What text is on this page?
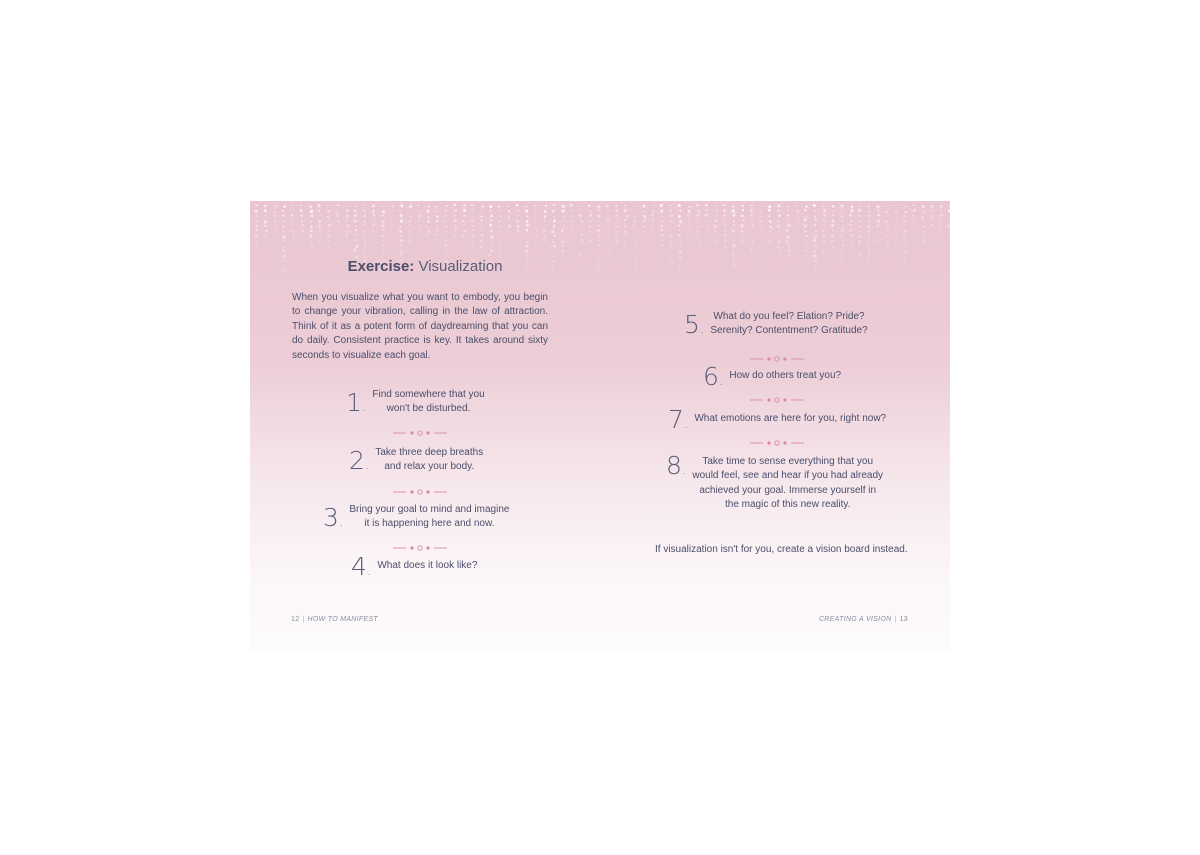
Exercise: Visualization
When you visualize what you want to embody, you begin to change your vibration, calling in the law of attraction. Think of it as a potent form of daydreaming that you can do daily. Consistent practice is key. It takes around sixty seconds to visualize each goal.
1.
Find somewhere that you
won't be disturbed.
2.
Take three deep breaths
and relax your body.
3.
Bring your goal to mind and imagine
it is happening here and now.
4. What does it look like?
12 | HOW TO MANIFEST
5.
What do you feel? Elation? Pride?
Serenity? Contentment? Gratitude?
6. How do others treat you?
7. What emotions are here for you, right now?
8.
Take time to sense everything that you
would feel, see and hear if you had already
achieved your goal. Immerse yourself in
the magic of this new reality.
If visualization isn't for you, create a vision board instead.
CREATING A VISION | 13
